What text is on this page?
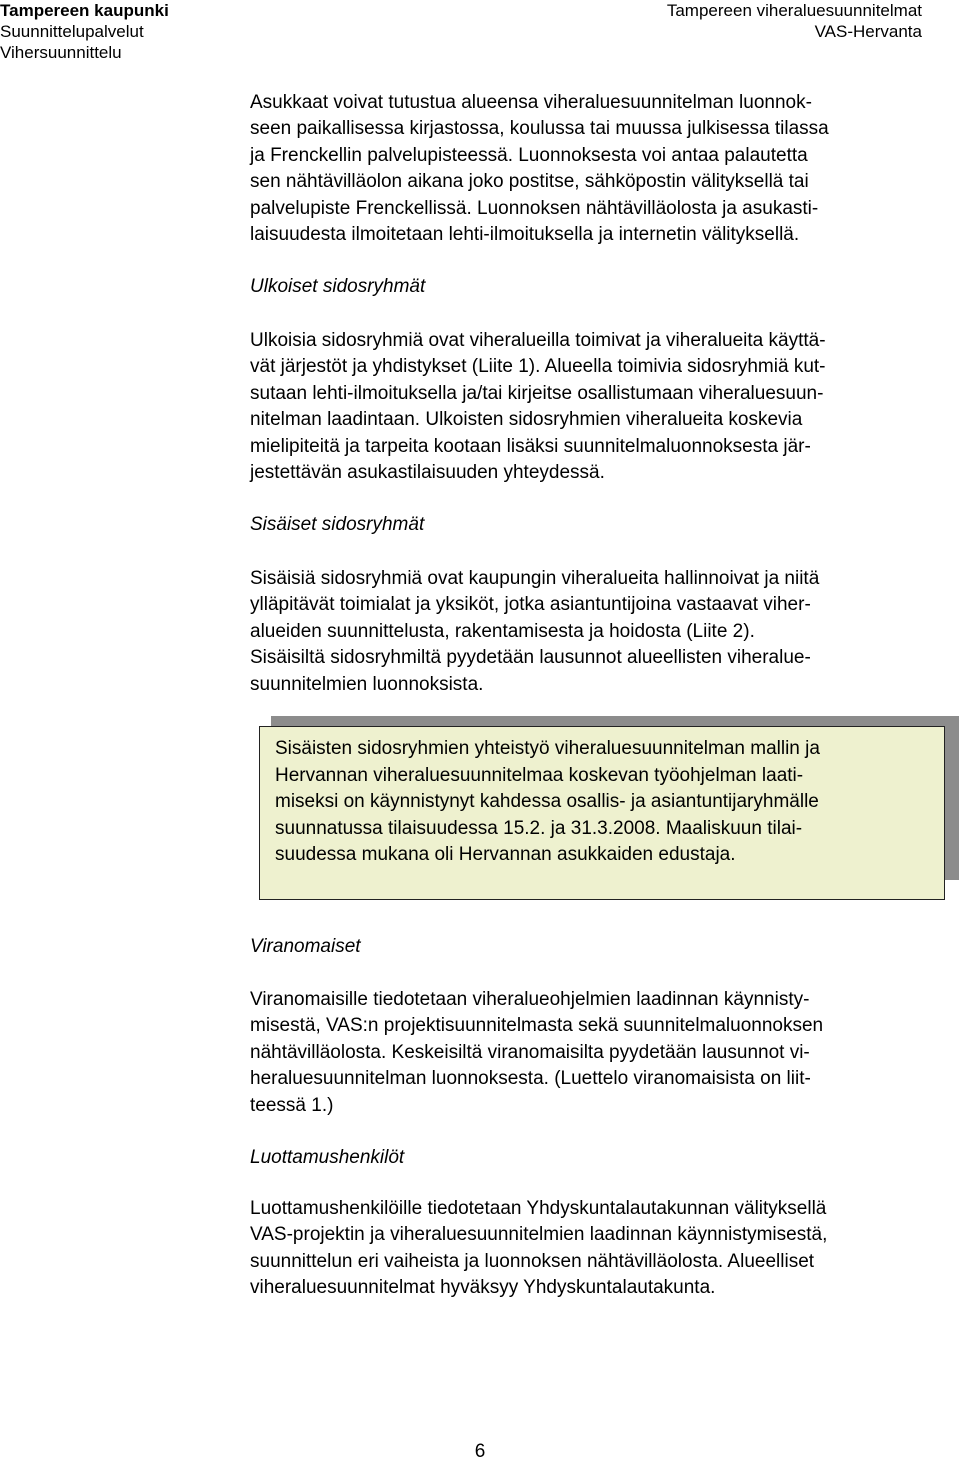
Tampereen kaupunki
Suunnittelupalvelut
Vihersuunnittelu
Tampereen viheraluesuunnitelmat
VAS-Hervanta

Asukkaat voivat tutustua alueensa viheraluesuunnitelman luonnok-
seen paikallisessa kirjastossa, koulussa tai muussa julkisessa tilassa
ja Frenckellin palvelupisteessä. Luonnoksesta voi antaa palautetta
sen nähtävilläolon aikana joko postitse, sähköpostin välityksellä tai
palvelupiste Frenckellissä. Luonnoksen nähtävilläolosta ja asukasti-
laisuudesta ilmoitetaan lehti-ilmoituksella ja internetin välityksellä.

Ulkoiset sidosryhmät

Ulkoisia sidosryhmiä ovat viheralueilla toimivat ja viheralueita käyttä-
vät järjestöt ja yhdistykset (Liite 1). Alueella toimivia sidosryhmiä kut-
sutaan lehti-ilmoituksella ja/tai kirjeitse osallistumaan viheraluesuun-
nitelman laadintaan. Ulkoisten sidosryhmien viheralueita koskevia
mielipiteitä ja tarpeita kootaan lisäksi suunnitelmaluonnoksesta jär-
jestettävän asukastilaisuuden yhteydessä.

Sisäiset sidosryhmät

Sisäisiä sidosryhmiä ovat kaupungin viheralueita hallinnoivat ja niitä
ylläpitävät toimialat ja yksiköt, jotka asiantuntijoina vastaavat viher-
alueiden suunnittelusta, rakentamisesta ja hoidosta (Liite 2).
Sisäisiltä sidosryhmiltä pyydetään lausunnot alueellisten viheralue-
suunnitelmien luonnoksista.

Sisäisten sidosryhmien yhteistyö viheraluesuunnitelman mallin ja
Hervannan viheraluesuunnitelmaa koskevan työohjelman laati-
miseksi on käynnistynyt kahdessa osallis- ja asiantuntijaryhmälle
suunnatussa tilaisuudessa 15.2. ja 31.3.2008. Maaliskuun tilai-
suudessa mukana oli Hervannan asukkaiden edustaja.

Viranomaiset

Viranomaisille tiedotetaan viheralueohjelmien laadinnan käynnisty-
misestä, VAS:n projektisuunnitelmasta sekä suunnitelmaluonnoksen
nähtävilläolosta. Keskeisiltä viranomaisilta pyydetään lausunnot vi-
heraluesuunnitelman luonnoksesta. (Luettelo viranomaisista on liit-
teessä 1.)

Luottamushenkilöt

Luottamushenkilöille tiedotetaan Yhdyskuntalautakunnan välityksellä
VAS-projektin ja viheraluesuunnitelmien laadinnan käynnistymisestä,
suunnittelun eri vaiheista ja luonnoksen nähtävilläolosta. Alueelliset
viheraluesuunnitelmat hyväksyy Yhdyskuntalautakunta.

6
